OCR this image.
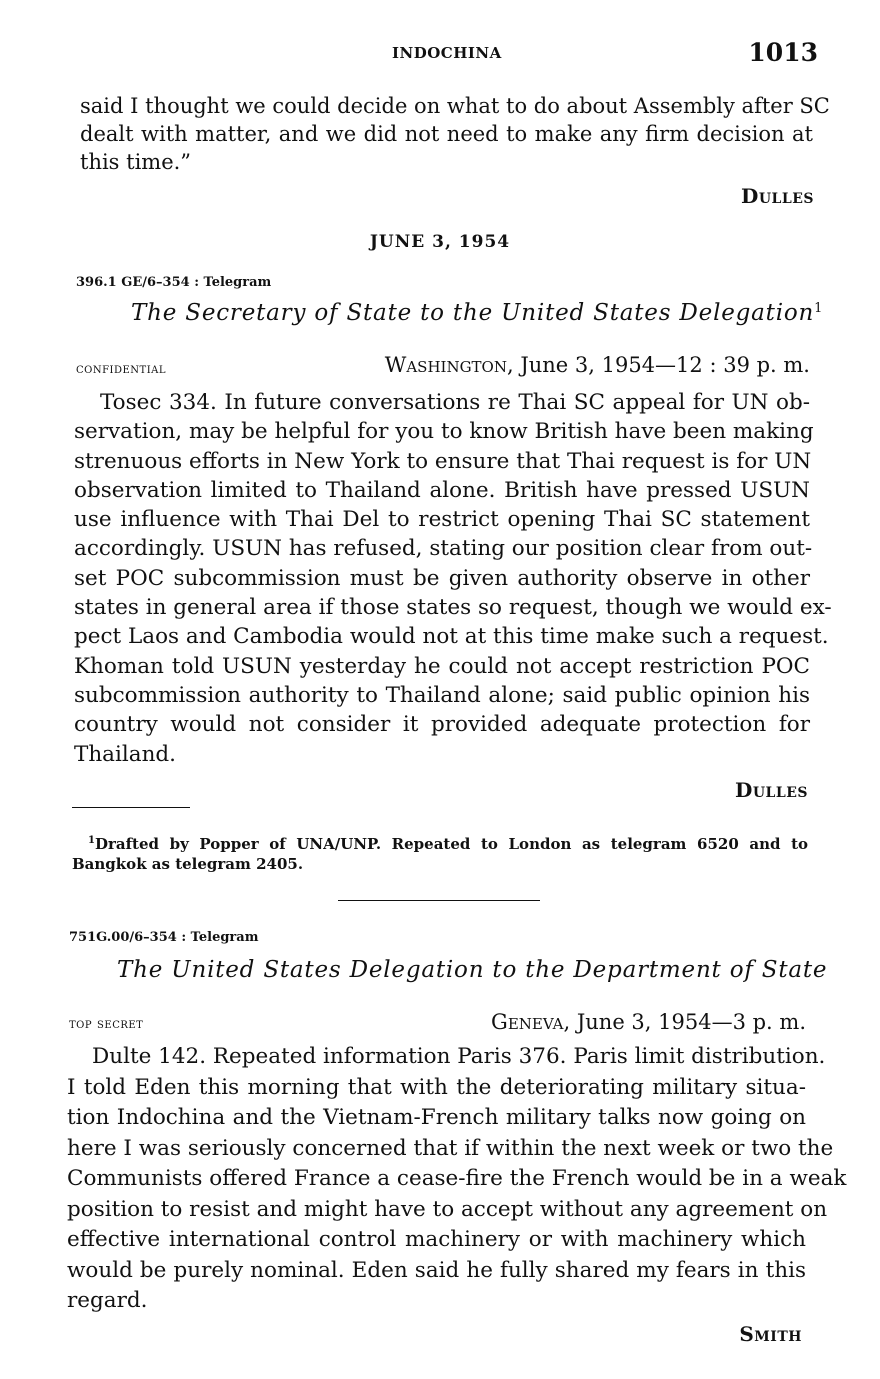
INDOCHINA	1013
said I thought we could decide on what to do about Assembly after SC
dealt with matter, and we did not need to make any firm decision at
this time.”
Dulles
JUNE 3, 1954
396.1 GE/6–354 : Telegram
The Secretary of State to the United States Delegation$^1$
confidential	Washington, June 3, 1954—12 : 39 p. m.
Tosec 334. In future conversations re Thai SC appeal for UN ob-
servation, may be helpful for you to know British have been making
strenuous efforts in New York to ensure that Thai request is for UN
observation limited to Thailand alone. British have pressed USUN
use influence with Thai Del to restrict opening Thai SC statement
accordingly. USUN has refused, stating our position clear from out-
set POC subcommission must be given authority observe in other
states in general area if those states so request, though we would ex-
pect Laos and Cambodia would not at this time make such a request.
Khoman told USUN yesterday he could not accept restriction POC
subcommission authority to Thailand alone; said public opinion his
country would not consider it provided adequate protection for
Thailand.
Dulles
$^1$Drafted by Popper of UNA/UNP. Repeated to London as telegram 6520 and to
Bangkok as telegram 2405.
751G.00/6–354 : Telegram
The United States Delegation to the Department of State
top secret	Geneva, June 3, 1954—3 p. m.
Dulte 142. Repeated information Paris 376. Paris limit distribution.
I told Eden this morning that with the deteriorating military situa-
tion Indochina and the Vietnam-French military talks now going on
here I was seriously concerned that if within the next week or two the
Communists offered France a cease-fire the French would be in a weak
position to resist and might have to accept without any agreement on
effective international control machinery or with machinery which
would be purely nominal. Eden said he fully shared my fears in this
regard.
Smith
